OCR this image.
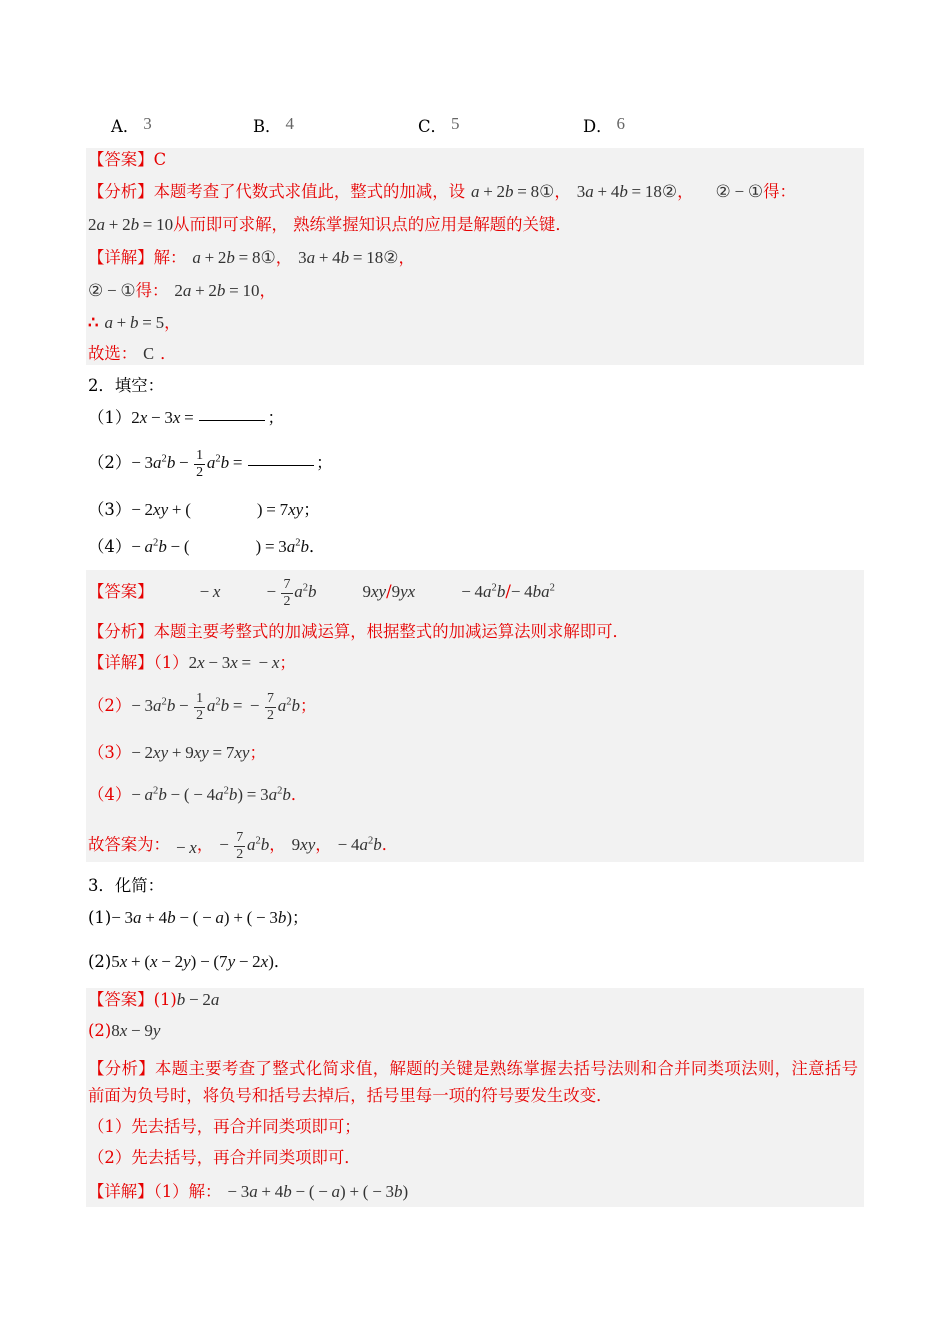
A． 3	B． 4	C． 5	D． 6
【答案】C
【分析】本题考查了代数式求值此，整式的加减，设 a + 2b = 8①， 3a + 4b = 18②， ② − ①得：
2a + 2b = 10从而即可求解， 熟练掌握知识点的应用是解题的关键．
【详解】解： a + 2b = 8①， 3a + 4b = 18②，
② − ①得： 2a + 2b = 10，
∴ a + b = 5，
故选： C ．
2．填空：
（1）2x − 3x =	；
$(2)- 3a^2b - \frac{1}{2} a^2b$ =	；
（3）− 2xy + (	) = 7xy；
$(4)- a^2b$ − (	) = $3a^2b$．
【答案】	− x	− $\frac{7}{2} a^2b$	9xy/9yx	− $4a^2b/- 4ba^2$
【分析】本题主要考整式的加减运算，根据整式的加减运算法则求解即可．
【详解】（1）2x − 3x = − x；
$(2)- 3a^2b - \frac{1}{2} a^2b$ = − $\frac{7}{2} a^2b$；
（3）− 2xy + 9xy = 7xy；
$(4)- a^2b$ − ( − $4a^2b) = 3a^2b$．
故答案为： − x， − $\frac{7}{2} a^2b$， 9xy， − $4a^2b$．
3．化简：
(1)− 3a + 4b − ( − a) + ( − 3b)；
(2)5x + (x − 2y) − (7y − 2x)．
【答案】(1)b − 2a
(2)8x − 9y
【分析】本题主要考查了整式化简求值，解题的关键是熟练掌握去括号法则和合并同类项法则，注意括号
前面为负号时，将负号和括号去掉后，括号里每一项的符号要发生改变．
（1）先去括号，再合并同类项即可；
（2）先去括号，再合并同类项即可．
【详解】（1）解： − 3a + 4b − ( − a) + ( − 3b)
